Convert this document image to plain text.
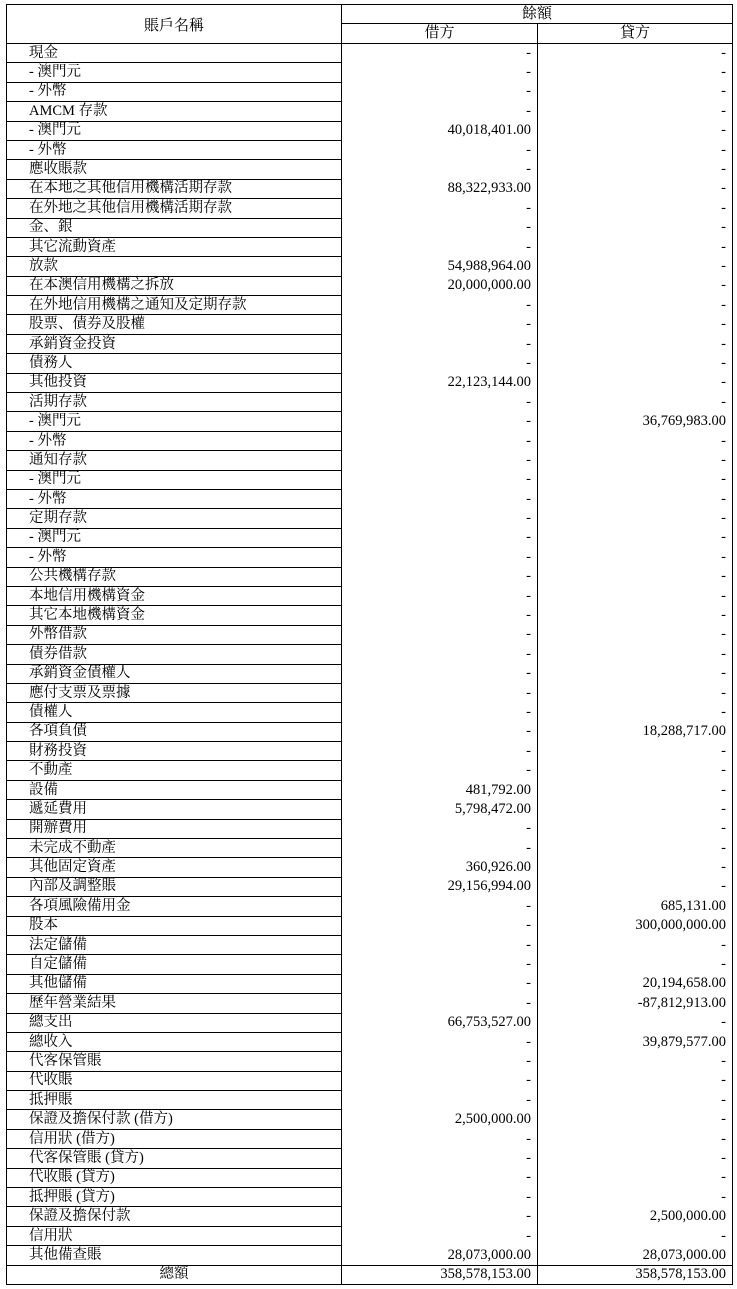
賬戶名稱	餘額	
	借方	貸方
現金	-	-
- 澳門元	-	-
- 外幣	-	-
AMCM 存款	-	-
- 澳門元	40,018,401.00	-
- 外幣	-	-
應收賬款	-	-
在本地之其他信用機構活期存款	88,322,933.00	-
在外地之其他信用機構活期存款	-	-
金、銀	-	-
其它流動資產	-	-
放款	54,988,964.00	-
在本澳信用機構之拆放	20,000,000.00	-
在外地信用機構之通知及定期存款	-	-
股票、債券及股權	-	-
承銷資金投資	-	-
債務人	-	-
其他投資	22,123,144.00	-
活期存款	-	-
- 澳門元	-	36,769,983.00
- 外幣	-	-
通知存款	-	-
- 澳門元	-	-
- 外幣	-	-
定期存款	-	-
- 澳門元	-	-
- 外幣	-	-
公共機構存款	-	-
本地信用機構資金	-	-
其它本地機構資金	-	-
外幣借款	-	-
債券借款	-	-
承銷資金債權人	-	-
應付支票及票據	-	-
債權人	-	-
各項負債	-	18,288,717.00
財務投資	-	-
不動產	-	-
設備	481,792.00	-
遞延費用	5,798,472.00	-
開辦費用	-	-
未完成不動產	-	-
其他固定資產	360,926.00	-
內部及調整賬	29,156,994.00	-
各項風險備用金	-	685,131.00
股本	-	300,000,000.00
法定儲備	-	-
自定儲備	-	-
其他儲備	-	20,194,658.00
歷年營業結果	-	-87,812,913.00
總支出	66,753,527.00	-
總收入	-	39,879,577.00
代客保管賬	-	-
代收賬	-	-
抵押賬	-	-
保證及擔保付款 (借方)	2,500,000.00	-
信用狀 (借方)	-	-
代客保管賬 (貸方)	-	-
代收賬 (貸方)	-	-
抵押賬 (貸方)	-	-
保證及擔保付款	-	2,500,000.00
信用狀	-	-
其他備查賬	28,073,000.00	28,073,000.00
總額	358,578,153.00	358,578,153.00
